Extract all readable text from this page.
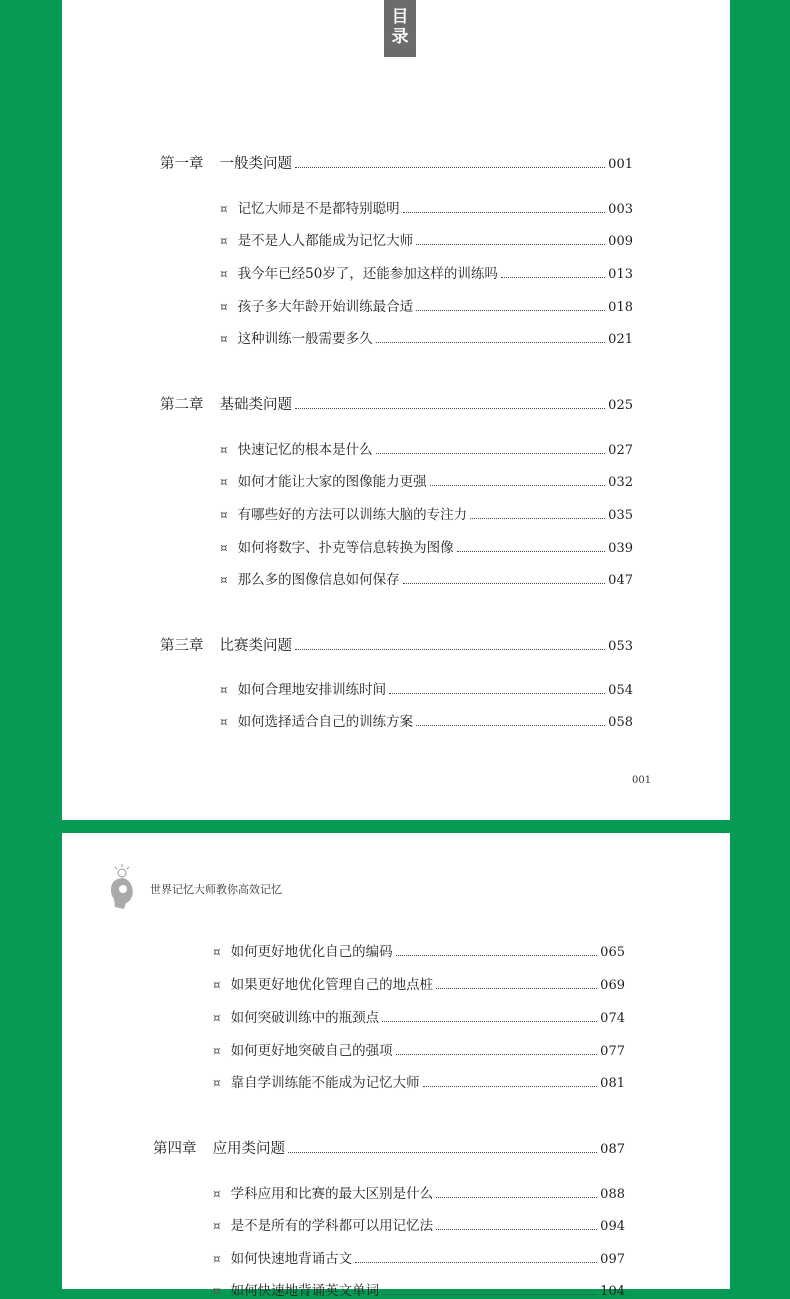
目
录
第一章 一般类问题	001
¤ 记忆大师是不是都特别聪明	003
¤ 是不是人人都能成为记忆大师	009
¤ 我今年已经50岁了，还能参加这样的训练吗	013
¤ 孩子多大年龄开始训练最合适	018
¤ 这种训练一般需要多久	021
第二章 基础类问题	025
¤ 快速记忆的根本是什么	027
¤ 如何才能让大家的图像能力更强	032
¤ 有哪些好的方法可以训练大脑的专注力	035
¤ 如何将数字、扑克等信息转换为图像	039
¤ 那么多的图像信息如何保存	047
第三章 比赛类问题	053
¤ 如何合理地安排训练时间	054
¤ 如何选择适合自己的训练方案	058
001
世界记忆大师教你高效记忆
¤ 如何更好地优化自己的编码	065
¤ 如果更好地优化管理自己的地点桩	069
¤ 如何突破训练中的瓶颈点	074
¤ 如何更好地突破自己的强项	077
¤ 靠自学训练能不能成为记忆大师	081
第四章 应用类问题	087
¤ 学科应用和比赛的最大区别是什么	088
¤ 是不是所有的学科都可以用记忆法	094
¤ 如何快速地背诵古文	097
¤ 如何快速地背诵英文单词	104
